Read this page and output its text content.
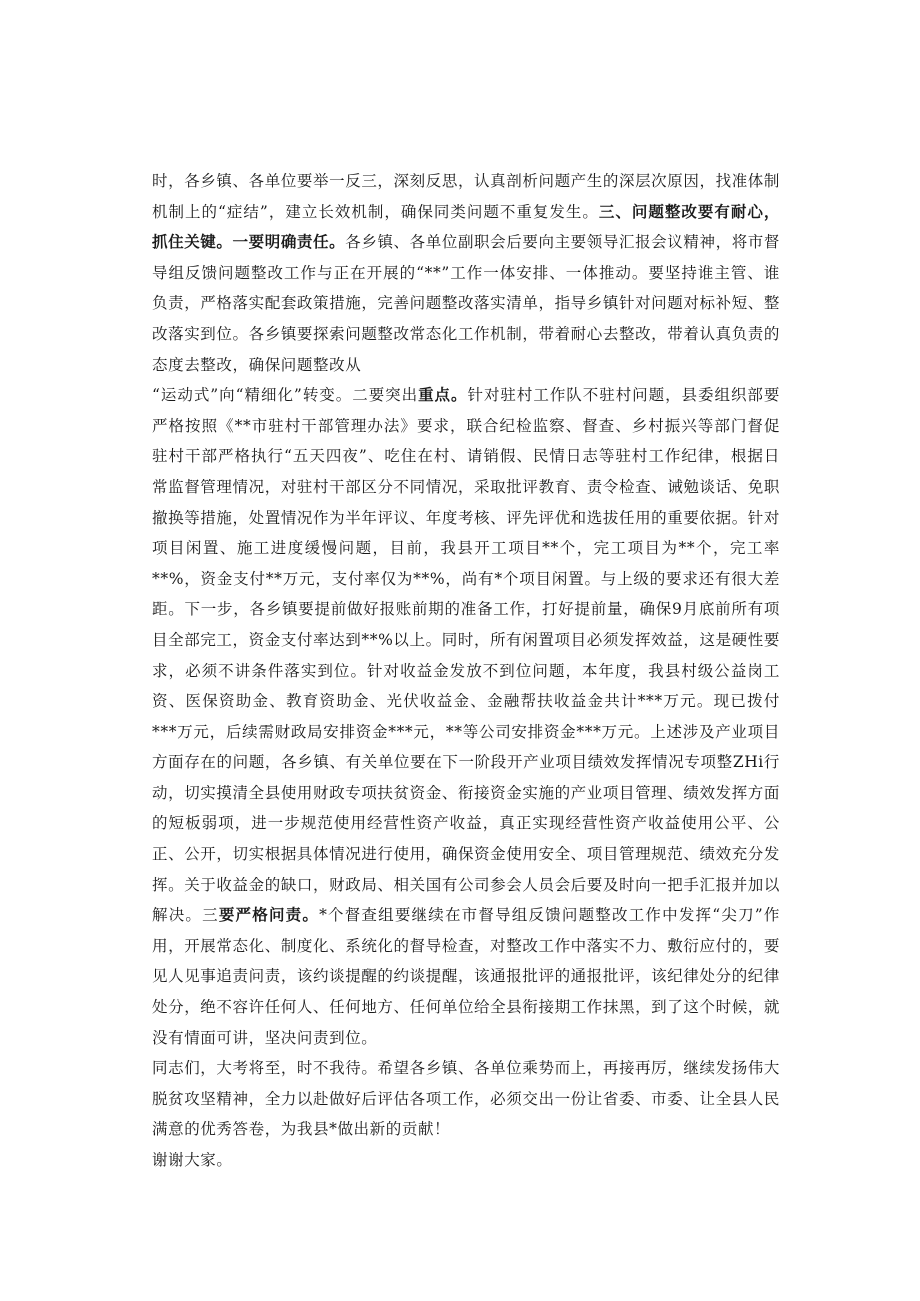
时，各乡镇、各单位要举一反三，深刻反思，认真剖析问题产生的深层次原因，找准体制机制上的“症结”，建立长效机制，确保同类问题不重复发生。三、问题整改要有耐心，抓住关键。一要明确责任。各乡镇、各单位副职会后要向主要领导汇报会议精神，将市督导组反馈问题整改工作与正在开展的“**”工作一体安排、一体推动。要坚持谁主管、谁负责，严格落实配套政策措施，完善问题整改落实清单，指导乡镇针对问题对标补短、整改落实到位。各乡镇要探索问题整改常态化工作机制，带着耐心去整改，带着认真负责的态度去整改，确保问题整改从

“运动式”向“精细化”转变。二要突出重点。针对驻村工作队不驻村问题，县委组织部要严格按照《**市驻村干部管理办法》要求，联合纪检监察、督查、乡村振兴等部门督促驻村干部严格执行“五天四夜”、吃住在村、请销假、民情日志等驻村工作纪律，根据日常监督管理情况，对驻村干部区分不同情况，采取批评教育、责令检查、诫勉谈话、免职撤换等措施，处置情况作为半年评议、年度考核、评先评优和选拔任用的重要依据。针对项目闲置、施工进度缓慢问题，目前，我县开工项目**个，完工项目为**个，完工率**%，资金支付**万元，支付率仅为**%，尚有*个项目闲置。与上级的要求还有很大差距。下一步，各乡镇要提前做好报账前期的准备工作，打好提前量，确保9月底前所有项目全部完工，资金支付率达到**%以上。同时，所有闲置项目必须发挥效益，这是硬性要求，必须不讲条件落实到位。针对收益金发放不到位问题，本年度，我县村级公益岗工资、医保资助金、教育资助金、光伏收益金、金融帮扶收益金共计***万元。现已拨付***万元，后续需财政局安排资金***元，**等公司安排资金***万元。上述涉及产业项目方面存在的问题，各乡镇、有关单位要在下一阶段开产业项目绩效发挥情况专项整ZHi行动，切实摸清全县使用财政专项扶贫资金、衔接资金实施的产业项目管理、绩效发挥方面的短板弱项，进一步规范使用经营性资产收益，真正实现经营性资产收益使用公平、公正、公开，切实根据具体情况进行使用，确保资金使用安全、项目管理规范、绩效充分发挥。关于收益金的缺口，财政局、相关国有公司参会人员会后要及时向一把手汇报并加以解决。三要严格问责。*个督查组要继续在市督导组反馈问题整改工作中发挥“尖刀”作用，开展常态化、制度化、系统化的督导检查，对整改工作中落实不力、敷衍应付的，要见人见事追责问责，该约谈提醒的约谈提醒，该通报批评的通报批评，该纪律处分的纪律处分，绝不容许任何人、任何地方、任何单位给全县衔接期工作抹黑，到了这个时候，就没有情面可讲，坚决问责到位。

同志们，大考将至，时不我待。希望各乡镇、各单位乘势而上，再接再厉，继续发扬伟大脱贫攻坚精神，全力以赴做好后评估各项工作，必须交出一份让省委、市委、让全县人民满意的优秀答卷，为我县*做出新的贡献！

谢谢大家。
